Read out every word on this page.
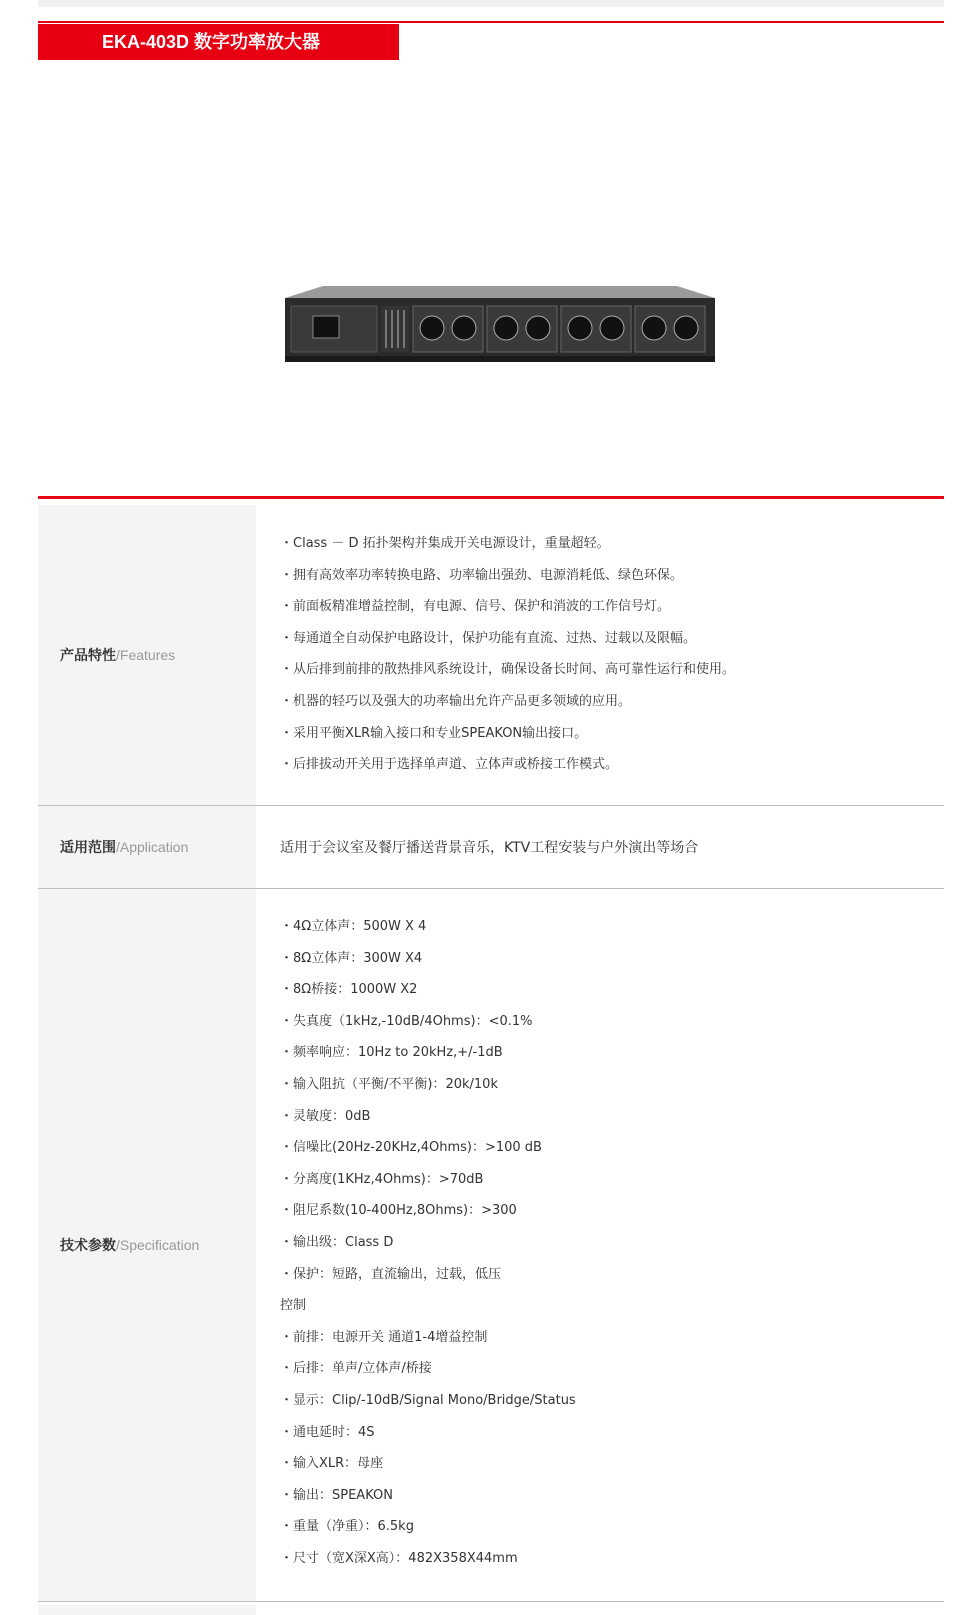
EKA-403D 数字功率放大器
产品特性 /Features
・Class － D 拓扑架构并集成开关电源设计，重量超轻。
・拥有高效率功率转换电路、功率输出强劲、电源消耗低、绿色环保。
・前面板精准增益控制，有电源、信号、保护和消波的工作信号灯。
・每通道全自动保护电路设计，保护功能有直流、过热、过载以及限幅。
・从后排到前排的散热排风系统设计，确保设备长时间、高可靠性运行和使用。
・机器的轻巧以及强大的功率输出允许产品更多领域的应用。
・采用平衡XLR输入接口和专业SPEAKON输出接口。
・后排拔动开关用于选择单声道、立体声或桥接工作模式。
适用范围 /Application	适用于会议室及餐厅播送背景音乐，KTV工程安装与户外演出等场合
技术参数 /Specification
・4Ω立体声：500W X 4
・8Ω立体声：300W X4
・8Ω桥接：1000W X2
・失真度（1kHz,-10dB/4Ohms)：<0.1%
・频率响应：10Hz to 20kHz,+/-1dB
・输入阻抗（平衡/不平衡)：20k/10k
・灵敏度：0dB
・信噪比(20Hz-20KHz,4Ohms)：>100 dB
・分离度(1KHz,4Ohms)：>70dB
・阻尼系数(10-400Hz,8Ohms)：>300
・输出级：Class D
・保护：短路，直流输出，过载，低压
控制
・前排：电源开关 通道1-4增益控制
・后排：单声/立体声/桥接
・显示：Clip/-10dB/Signal Mono/Bridge/Status
・通电延时：4S
・输入XLR：母座
・输出：SPEAKON
・重量（净重）：6.5kg
・尺寸（宽X深X高）：482X358X44mm
